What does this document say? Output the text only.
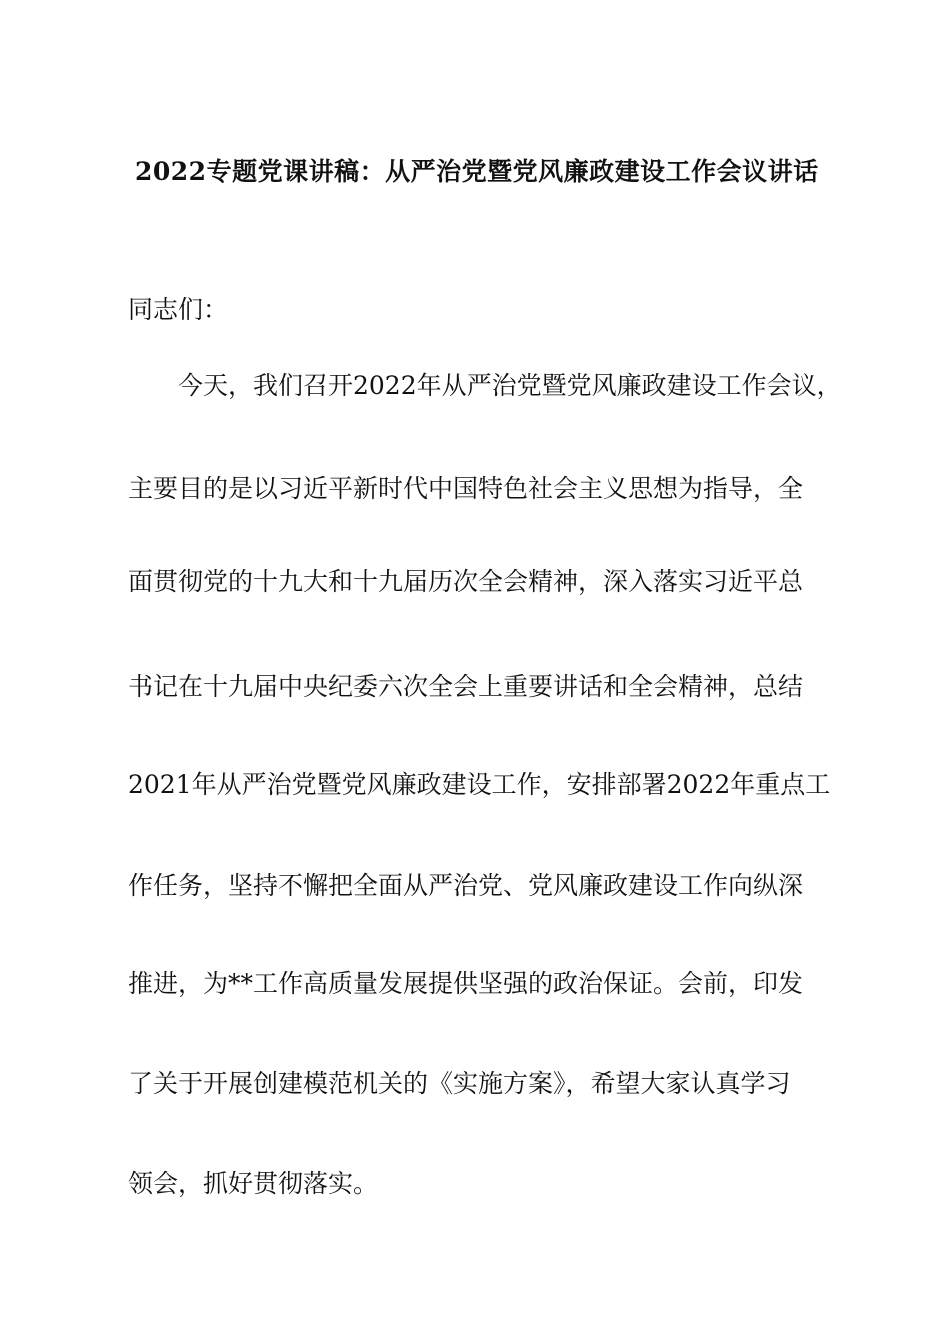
2022专题党课讲稿：从严治党暨党风廉政建设工作会议讲话
同志们：
今天，我们召开2022年从严治党暨党风廉政建设工作会议，
主要目的是以习近平新时代中国特色社会主义思想为指导，全
面贯彻党的十九大和十九届历次全会精神，深入落实习近平总
书记在十九届中央纪委六次全会上重要讲话和全会精神，总结
2021年从严治党暨党风廉政建设工作，安排部署2022年重点工
作任务，坚持不懈把全面从严治党、党风廉政建设工作向纵深
推进，为**工作高质量发展提供坚强的政治保证。会前，印发
了关于开展创建模范机关的《实施方案》，希望大家认真学习
领会，抓好贯彻落实。
